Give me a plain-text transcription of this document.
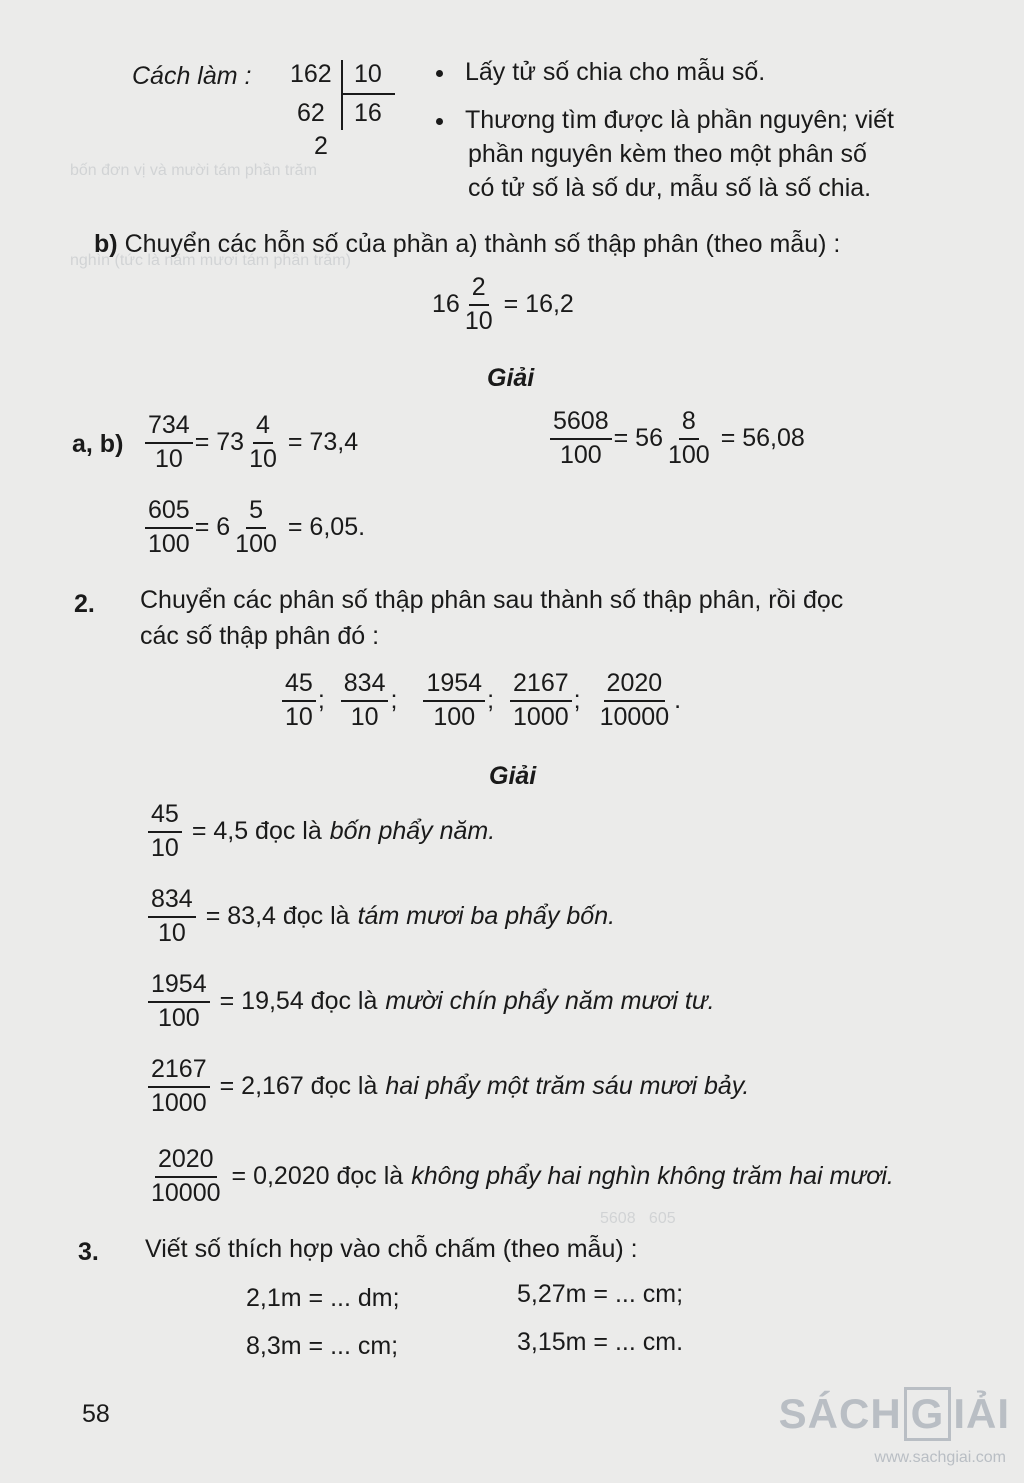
bốn đơn vị và mười tám phần trăm
nghìn (tức là năm mươi tám phần trăm)
5608   605
Cách làm : 162 10
62 16
2
Lấy tử số chia cho mẫu số.
Thương tìm được là phần nguyên; viết
phần nguyên kèm theo một phân số
có tử số là số dư, mẫu số là số chia.
b) Chuyển các hỗn số của phần a) thành số thập phân (theo mẫu) :
$16 \frac{2}{10} = 16,2$
Giải
a, $b) \frac{734}{10} = 73 \frac{4}{10} = 73,4$	$\frac{5608}{100} = 56 \frac{8}{100} = 56,08$
$\frac{605}{100} = 6 \frac{5}{100} = 6,05$.
2. Chuyển các phân số thập phân sau thành số thập phân, rồi đọc
các số thập phân đó :
$\frac{45}{10}$ ; $\frac{834}{10}$ ; $\frac{1954}{100}$ ; $\frac{2167}{1000}$ ; $\frac{2020}{10000}$ .
Giải
$\frac{45}{10} = 4,5$ đọc là bốn phẩy năm.
$\frac{834}{10} = 83,4$ đọc là tám mươi ba phẩy bốn.
$\frac{1954}{100} = 19,54$ đọc là mười chín phẩy năm mươi tư.
$\frac{2167}{1000} = 2,167$ đọc là hai phẩy một trăm sáu mươi bảy.
$\frac{2020}{10000} = 0,2020$ đọc là không phẩy hai nghìn không trăm hai mươi.
3. Viết số thích hợp vào chỗ chấm (theo mẫu) :
2,1m = ... dm;	5,27m = ... cm;
8,3m = ... cm;	3,15m = ... cm.
58	SÁCH G IẢI
www.sachgiai.com
